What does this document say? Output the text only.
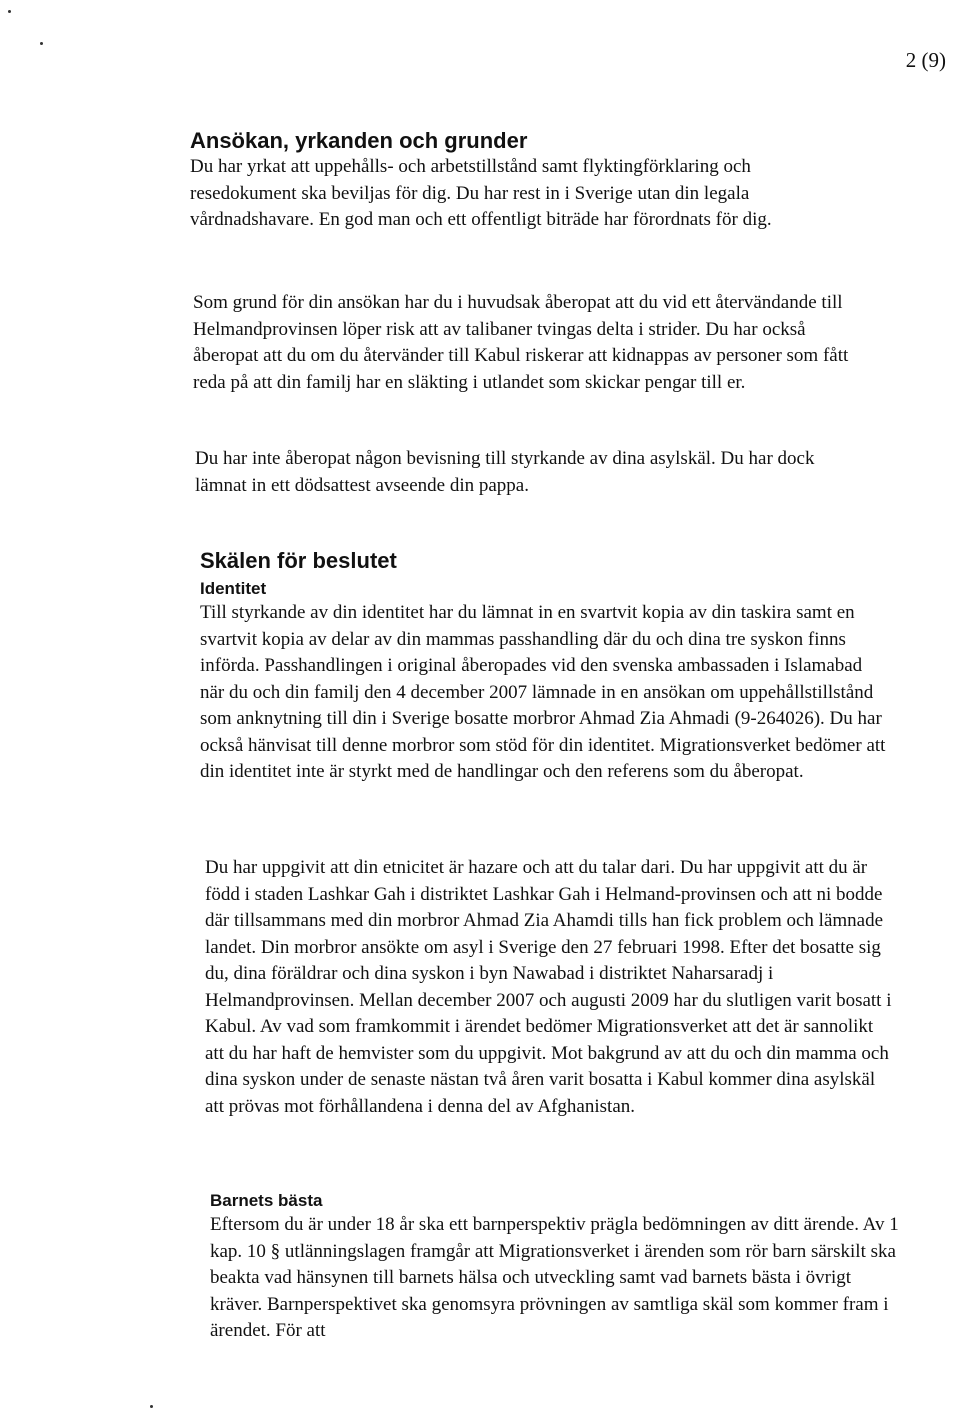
2 (9)
Ansökan, yrkanden och grunder

Du har yrkat att uppehålls- och arbetstillstånd samt flyktingförklaring och resedokument ska beviljas för dig. Du har rest in i Sverige utan din legala vårdnadshavare. En god man och ett offentligt biträde har förordnats för dig.

Som grund för din ansökan har du i huvudsak åberopat att du vid ett återvändande till Helmandprovinsen löper risk att av talibaner tvingas delta i strider. Du har också åberopat att du om du återvänder till Kabul riskerar att kidnappas av personer som fått reda på att din familj har en släkting i utlandet som skickar pengar till er.

Du har inte åberopat någon bevisning till styrkande av dina asylskäl. Du har dock lämnat in ett dödsattest avseende din pappa.

Skälen för beslutet
Identitet

Till styrkande av din identitet har du lämnat in en svartvit kopia av din taskira samt en svartvit kopia av delar av din mammas passhandling där du och dina tre syskon finns införda. Passhandlingen i original åberopades vid den svenska ambassaden i Islamabad när du och din familj den 4 december 2007 lämnade in en ansökan om uppehållstillstånd som anknytning till din i Sverige bosatte morbror Ahmad Zia Ahmadi (9-264026). Du har också hänvisat till denne morbror som stöd för din identitet. Migrationsverket bedömer att din identitet inte är styrkt med de handlingar och den referens som du åberopat.

Du har uppgivit att din etnicitet är hazare och att du talar dari. Du har uppgivit att du är född i staden Lashkar Gah i distriktet Lashkar Gah i Helmand-provinsen och att ni bodde där tillsammans med din morbror Ahmad Zia Ahamdi tills han fick problem och lämnade landet. Din morbror ansökte om asyl i Sverige den 27 februari 1998. Efter det bosatte sig du, dina föräldrar och dina syskon i byn Nawabad i distriktet Naharsaradj i Helmandprovinsen. Mellan december 2007 och augusti 2009 har du slutligen varit bosatt i Kabul. Av vad som framkommit i ärendet bedömer Migrationsverket att det är sannolikt att du har haft de hemvister som du uppgivit. Mot bakgrund av att du och din mamma och dina syskon under de senaste nästan två åren varit bosatta i Kabul kommer dina asylskäl att prövas mot förhållandena i denna del av Afghanistan.

Barnets bästa

Eftersom du är under 18 år ska ett barnperspektiv prägla bedömningen av ditt ärende. Av 1 kap. 10 § utlänningslagen framgår att Migrationsverket i ärenden som rör barn särskilt ska beakta vad hänsynen till barnets hälsa och utveckling samt vad barnets bästa i övrigt kräver. Barnperspektivet ska genomsyra prövningen av samtliga skäl som kommer fram i ärendet. För att
